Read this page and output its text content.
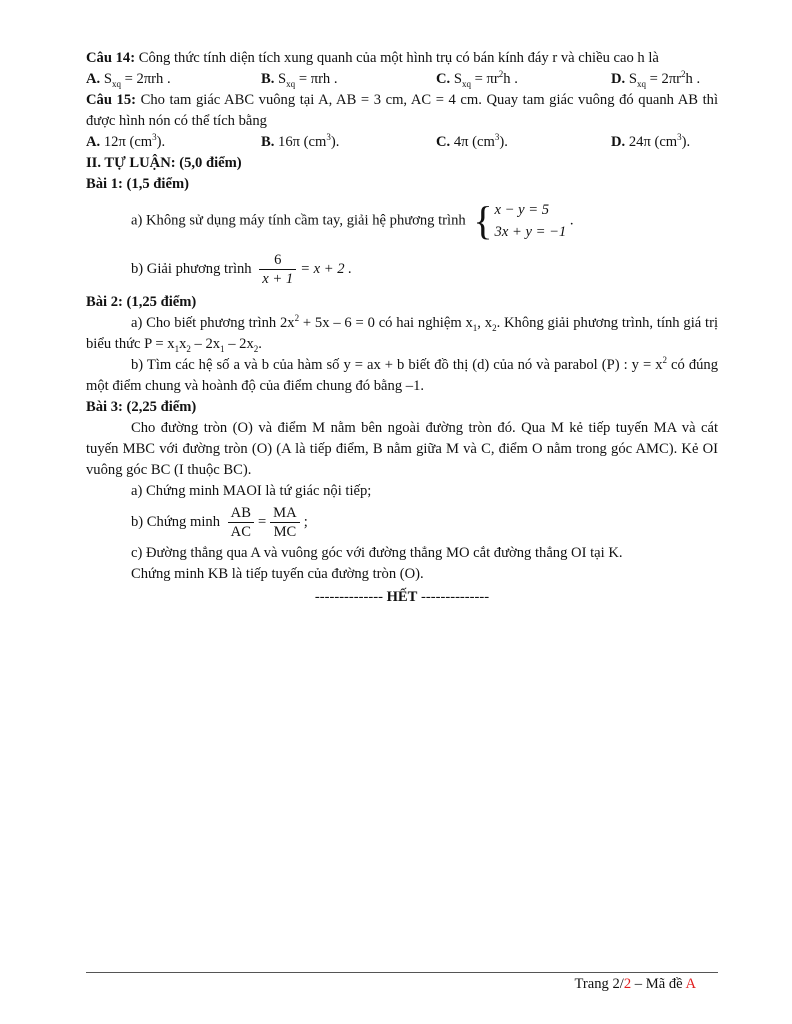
Câu 14: Công thức tính diện tích xung quanh của một hình trụ có bán kính đáy r và chiều cao h là

A. $S_{xq} = 2\pi rh$ .	B. $S_{xq} = \pi rh$ .	C. $S_{xq} = \pi r^2h$ .	D. $S_{xq} = 2\pi r^2h$ .

Câu 15: Cho tam giác ABC vuông tại A, AB = 3 cm, AC = 4 cm. Quay tam giác vuông đó quanh AB thì được hình nón có thể tích bằng

A. 12π $(cm^3)$.	B. 16π $(cm^3)$.	C. 4π $(cm^3)$.	D. 24π $(cm^3)$.

II. TỰ LUẬN: (5,0 điểm)

Bài 1: (1,5 điểm)

a) Không sử dụng máy tính cầm tay, giải hệ phương trình { x − y = 5
3x + y = −1
.

b) Giải phương trình $\frac{6}{x + 1} = x + 2$ .

Bài 2: (1,25 điểm)

a) Cho biết phương trình $2x^2 + 5x - 6 = 0$ có hai nghiệm $x_1$, $x_2$. Không giải phương trình, tính giá trị biểu thức $P = x_1x_2 - 2x_1 - 2x_2$.

b) Tìm các hệ số a và b của hàm số y = ax + b biết đồ thị (d) của nó và parabol (P) : $y = x^2$ có đúng một điểm chung và hoành độ của điểm chung đó bằng –1.

Bài 3: (2,25 điểm)

Cho đường tròn (O) và điểm M nằm bên ngoài đường tròn đó. Qua M kẻ tiếp tuyến MA và cát tuyến MBC với đường tròn (O) (A là tiếp điểm, B nằm giữa M và C, điểm O nằm trong góc AMC). Kẻ OI vuông góc BC (I thuộc BC).

a) Chứng minh MAOI là tứ giác nội tiếp;

b) Chứng minh $\frac{AB}{AC} = \frac{MA}{MC}$ ;

c) Đường thẳng qua A và vuông góc với đường thẳng MO cắt đường thẳng OI tại K.

Chứng minh KB là tiếp tuyến của đường tròn (O).

-------------- HẾT --------------

Trang 2/2 – Mã đề A
